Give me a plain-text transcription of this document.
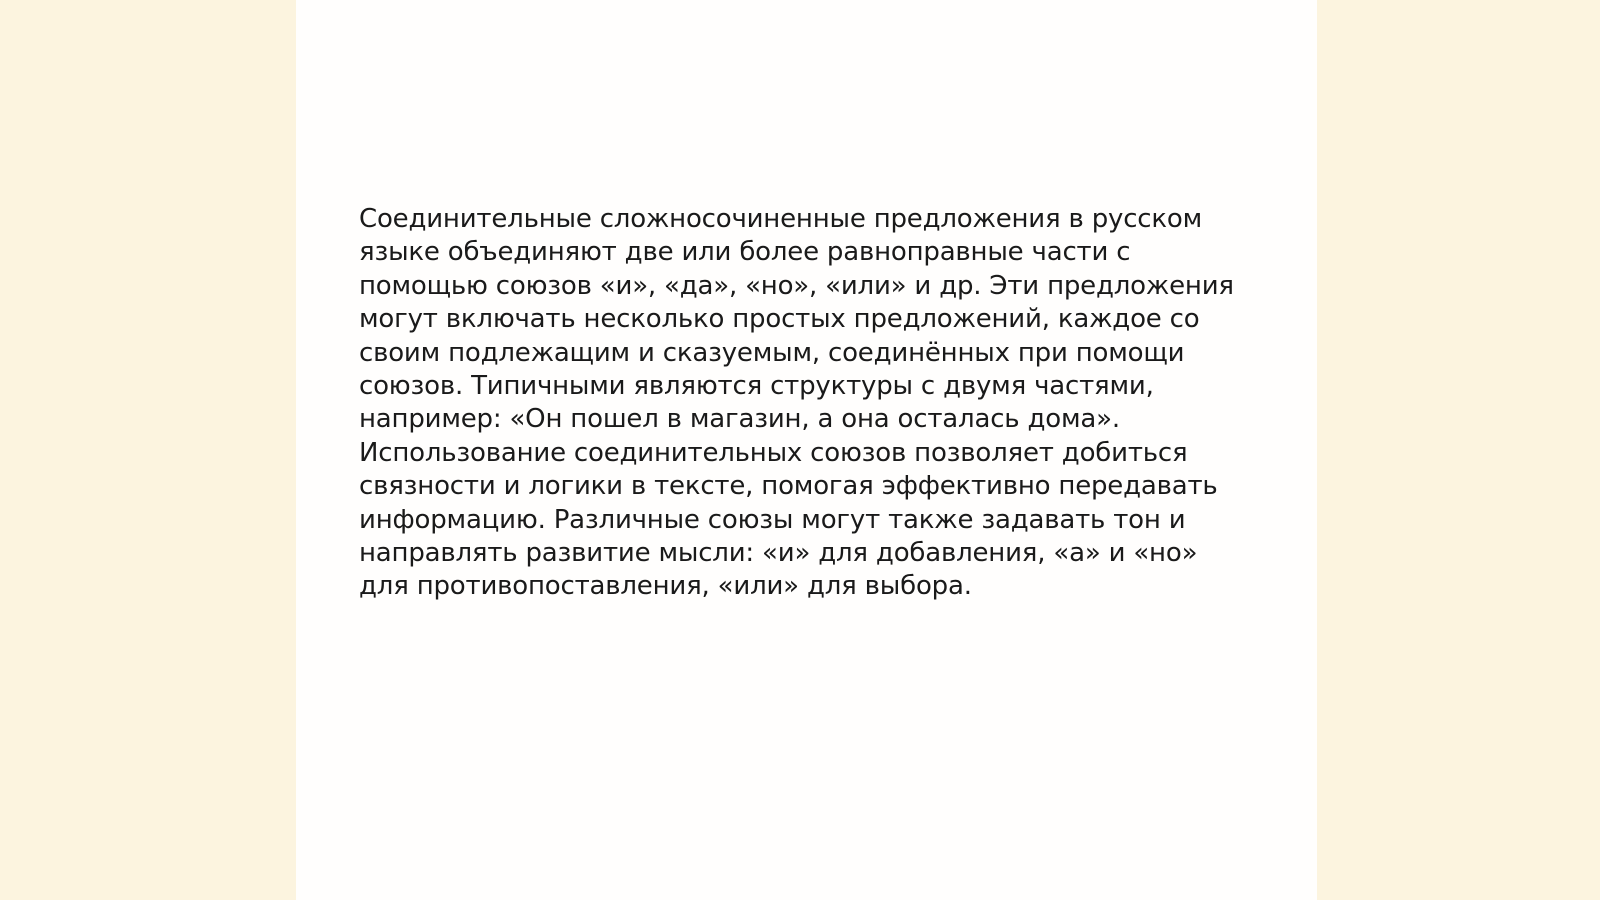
Соединительные сложносочиненные предложения в русском языке объединяют две или более равноправные части с помощью союзов «и», «да», «но», «или» и др. Эти предложения могут включать несколько простых предложений, каждое со своим подлежащим и сказуемым, соединённых при помощи союзов. Типичными являются структуры с двумя частями, например: «Он пошел в магазин, а она осталась дома». Использование соединительных союзов позволяет добиться связности и логики в тексте, помогая эффективно передавать информацию. Различные союзы могут также задавать тон и направлять развитие мысли: «и» для добавления, «а» и «но» для противопоставления, «или» для выбора.
